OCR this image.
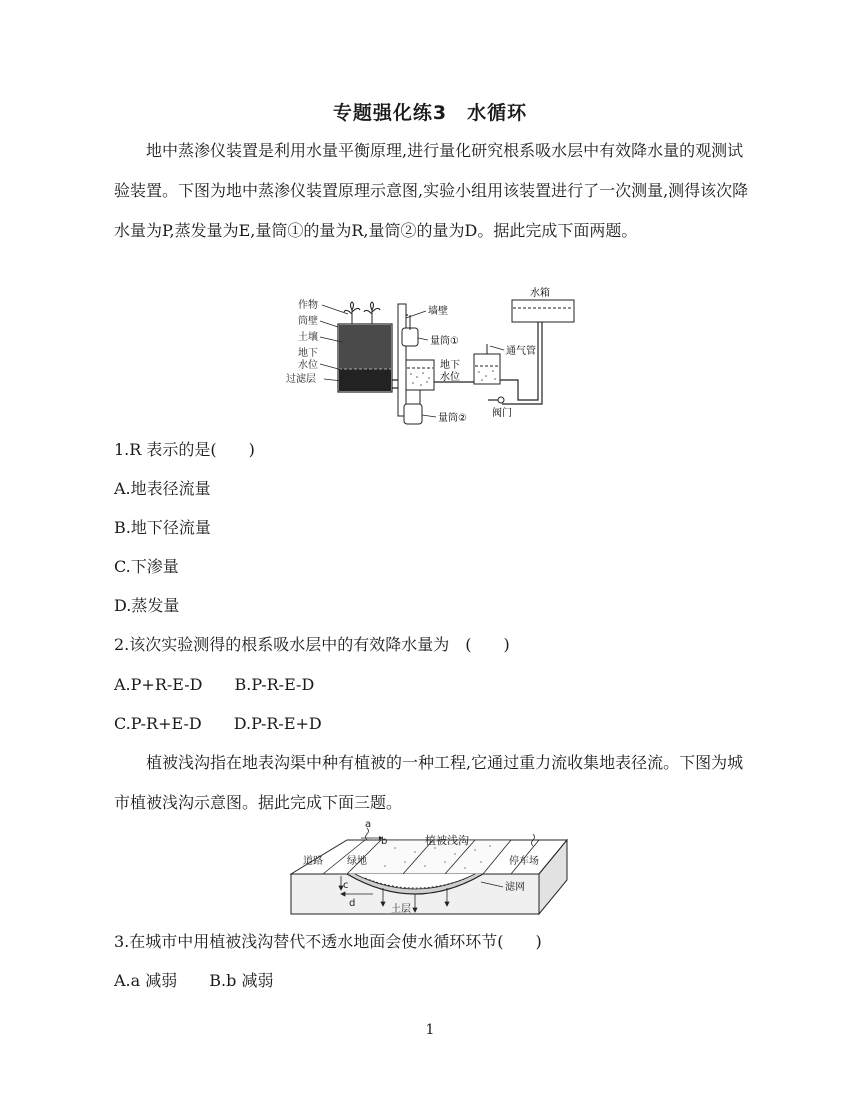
专题强化练3　水循环
地中蒸渗仪装置是利用水量平衡原理,进行量化研究根系吸水层中有效降水量的观测试验装置。下图为地中蒸渗仪装置原理示意图,实验小组用该装置进行了一次测量,测得该次降水量为P,蒸发量为E,量筒①的量为R,量筒②的量为D。据此完成下面两题。
作物
筒壁
土壤
地下
水位
过滤层
墙壁
量筒①
量筒②
地下
水位
通气管
阀门
水箱
1.R 表示的是(　　)
A.地表径流量
B.地下径流量
C.下渗量
D.蒸发量
2.该次实验测得的根系吸水层中的有效降水量为　(　　)
A.P+R-E-D　　B.P-R-E-D
C.P-R+E-D　　D.P-R-E+D
植被浅沟指在地表沟渠中种有植被的一种工程,它通过重力流收集地表径流。下图为城市植被浅沟示意图。据此完成下面三题。
a
b
c
d
植被浅沟
道路 绿地	停车场
滤网
土层
3.在城市中用植被浅沟替代不透水地面会使水循环环节(　　)
A.a 减弱　　B.b 减弱
1
